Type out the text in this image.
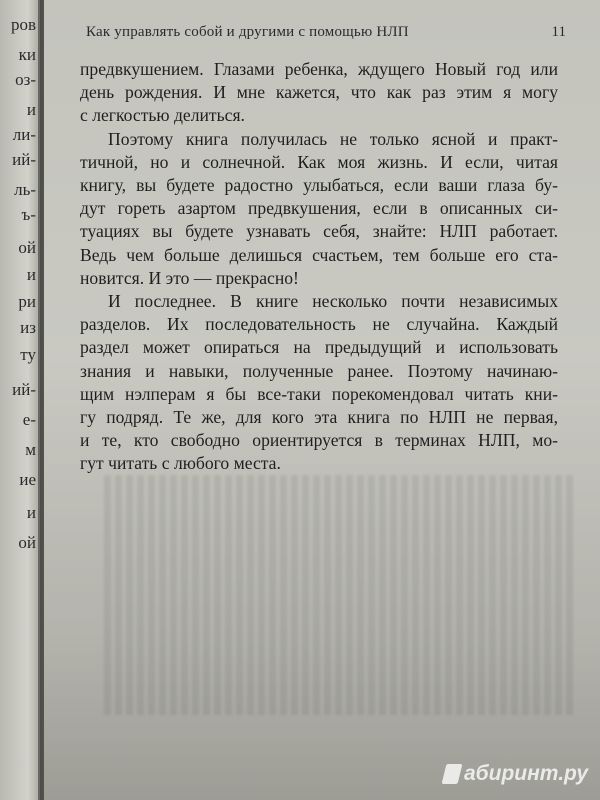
ров
ки
оз-
и
ли-
ий-
ль-
ъ-
ой
и
ри
из
ту
ий-
е-
м
ие
и
ой
Как управлять собой и другими с помощью НЛП	11
предвкушением. Глазами ребенка, ждущего Новый год или
день рождения. И мне кажется, что как раз этим я могу
с легкостью делиться.
Поэтому книга получилась не только ясной и практ-
тичной, но и солнечной. Как моя жизнь. И если, читая
книгу, вы будете радостно улыбаться, если ваши глаза бу-
дут гореть азартом предвкушения, если в описанных си-
туациях вы будете узнавать себя, знайте: НЛП работает.
Ведь чем больше делишься счастьем, тем больше его ста-
новится. И это — прекрасно!
И последнее. В книге несколько почти независимых
разделов. Их последовательность не случайна. Каждый
раздел может опираться на предыдущий и использовать
знания и навыки, полученные ранее. Поэтому начинаю-
щим нэлперам я бы все-таки порекомендовал читать кни-
гу подряд. Те же, для кого эта книга по НЛП не первая,
и те, кто свободно ориентируется в терминах НЛП, мо-
гут читать с любого места.
абиринт.ру
